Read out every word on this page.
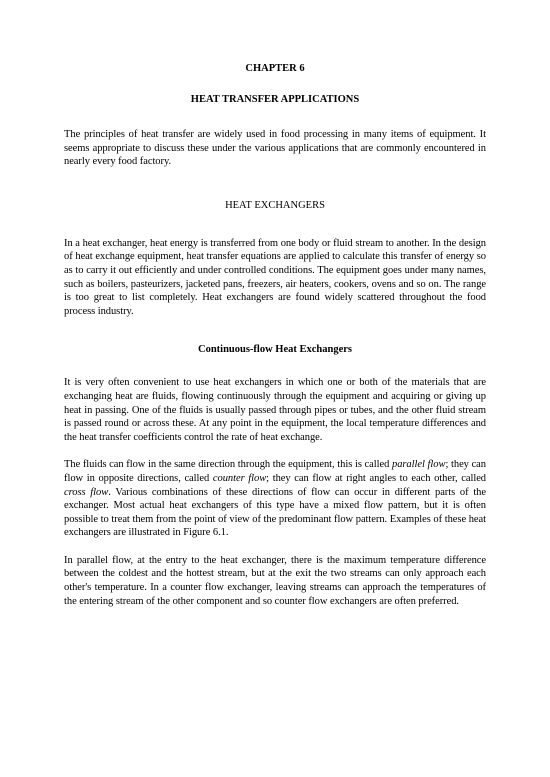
CHAPTER 6

HEAT TRANSFER APPLICATIONS

The principles of heat transfer are widely used in food processing in many items of equipment. It seems appropriate to discuss these under the various applications that are commonly encountered in nearly every food factory.

HEAT EXCHANGERS

In a heat exchanger, heat energy is transferred from one body or fluid stream to another. In the design of heat exchange equipment, heat transfer equations are applied to calculate this transfer of energy so as to carry it out efficiently and under controlled conditions. The equipment goes under many names, such as boilers, pasteurizers, jacketed pans, freezers, air heaters, cookers, ovens and so on. The range is too great to list completely. Heat exchangers are found widely scattered throughout the food process industry.

Continuous-flow Heat Exchangers

It is very often convenient to use heat exchangers in which one or both of the materials that are exchanging heat are fluids, flowing continuously through the equipment and acquiring or giving up heat in passing. One of the fluids is usually passed through pipes or tubes, and the other fluid stream is passed round or across these. At any point in the equipment, the local temperature differences and the heat transfer coefficients control the rate of heat exchange.

The fluids can flow in the same direction through the equipment, this is called parallel flow; they can flow in opposite directions, called counter flow; they can flow at right angles to each other, called cross flow. Various combinations of these directions of flow can occur in different parts of the exchanger. Most actual heat exchangers of this type have a mixed flow pattern, but it is often possible to treat them from the point of view of the predominant flow pattern. Examples of these heat exchangers are illustrated in Figure 6.1.

In parallel flow, at the entry to the heat exchanger, there is the maximum temperature difference between the coldest and the hottest stream, but at the exit the two streams can only approach each other's temperature. In a counter flow exchanger, leaving streams can approach the temperatures of the entering stream of the other component and so counter flow exchangers are often preferred.
